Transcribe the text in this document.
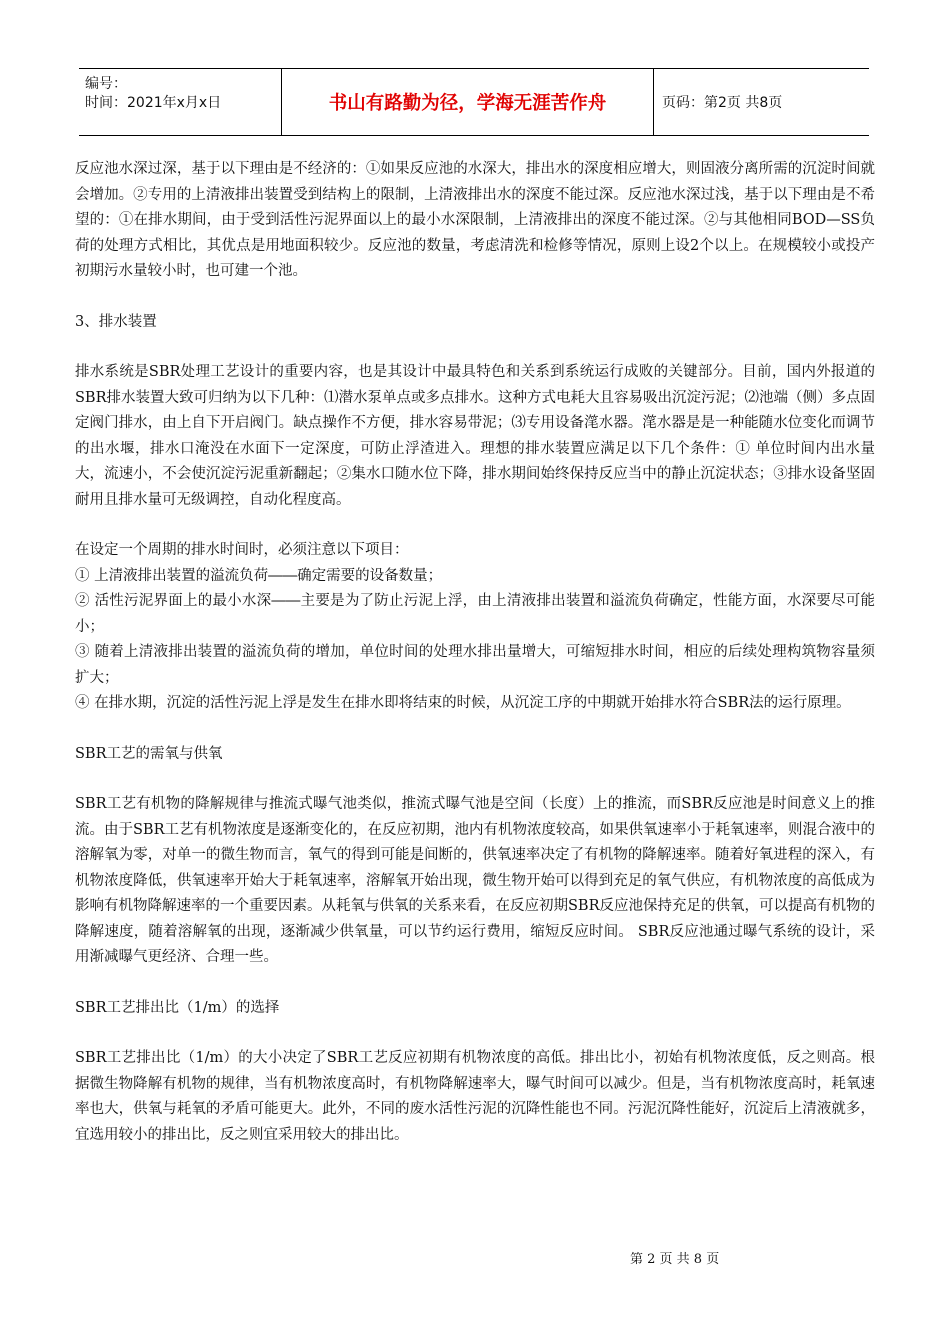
编号：
时间：2021年x月x日	书山有路勤为径，学海无涯苦作舟	页码：第2页 共8页

反应池水深过深，基于以下理由是不经济的：①如果反应池的水深大，排出水的深度相应增大，则固液分离所需的沉淀时间就会增加。②专用的上清液排出装置受到结构上的限制，上清液排出水的深度不能过深。反应池水深过浅，基于以下理由是不希望的：①在排水期间，由于受到活性污泥界面以上的最小水深限制，上清液排出的深度不能过深。②与其他相同BOD—SS负荷的处理方式相比，其优点是用地面积较少。反应池的数量，考虑清洗和检修等情况，原则上设2个以上。在规模较小或投产初期污水量较小时，也可建一个池。

3、排水装置

排水系统是SBR处理工艺设计的重要内容，也是其设计中最具特色和关系到系统运行成败的关键部分。目前，国内外报道的SBR排水装置大致可归纳为以下几种：⑴潜水泵单点或多点排水。这种方式电耗大且容易吸出沉淀污泥；⑵池端（侧）多点固定阀门排水，由上自下开启阀门。缺点操作不方便，排水容易带泥；⑶专用设备滗水器。滗水器是是一种能随水位变化而调节的出水堰，排水口淹没在水面下一定深度，可防止浮渣进入。理想的排水装置应满足以下几个条件：① 单位时间内出水量大，流速小，不会使沉淀污泥重新翻起；②集水口随水位下降，排水期间始终保持反应当中的静止沉淀状态；③排水设备坚固耐用且排水量可无级调控，自动化程度高。

在设定一个周期的排水时间时，必须注意以下项目：

① 上清液排出装置的溢流负荷――确定需要的设备数量；

② 活性污泥界面上的最小水深――主要是为了防止污泥上浮，由上清液排出装置和溢流负荷确定，性能方面，水深要尽可能小；

③ 随着上清液排出装置的溢流负荷的增加，单位时间的处理水排出量增大，可缩短排水时间，相应的后续处理构筑物容量须扩大；

④ 在排水期，沉淀的活性污泥上浮是发生在排水即将结束的时候，从沉淀工序的中期就开始排水符合SBR法的运行原理。

SBR工艺的需氧与供氧

SBR工艺有机物的降解规律与推流式曝气池类似，推流式曝气池是空间（长度）上的推流，而SBR反应池是时间意义上的推流。由于SBR工艺有机物浓度是逐渐变化的，在反应初期，池内有机物浓度较高，如果供氧速率小于耗氧速率，则混合液中的溶解氧为零，对单一的微生物而言，氧气的得到可能是间断的，供氧速率决定了有机物的降解速率。随着好氧进程的深入，有机物浓度降低，供氧速率开始大于耗氧速率，溶解氧开始出现，微生物开始可以得到充足的氧气供应，有机物浓度的高低成为影响有机物降解速率的一个重要因素。从耗氧与供氧的关系来看，在反应初期SBR反应池保持充足的供氧，可以提高有机物的降解速度，随着溶解氧的出现，逐渐减少供氧量，可以节约运行费用，缩短反应时间。 SBR反应池通过曝气系统的设计，采用渐减曝气更经济、合理一些。

SBR工艺排出比（1/m）的选择

SBR工艺排出比（1/m）的大小决定了SBR工艺反应初期有机物浓度的高低。排出比小，初始有机物浓度低，反之则高。根据微生物降解有机物的规律，当有机物浓度高时，有机物降解速率大，曝气时间可以减少。但是，当有机物浓度高时，耗氧速率也大，供氧与耗氧的矛盾可能更大。此外，不同的废水活性污泥的沉降性能也不同。污泥沉降性能好，沉淀后上清液就多，宜选用较小的排出比，反之则宜采用较大的排出比。

第 2 页 共 8 页
